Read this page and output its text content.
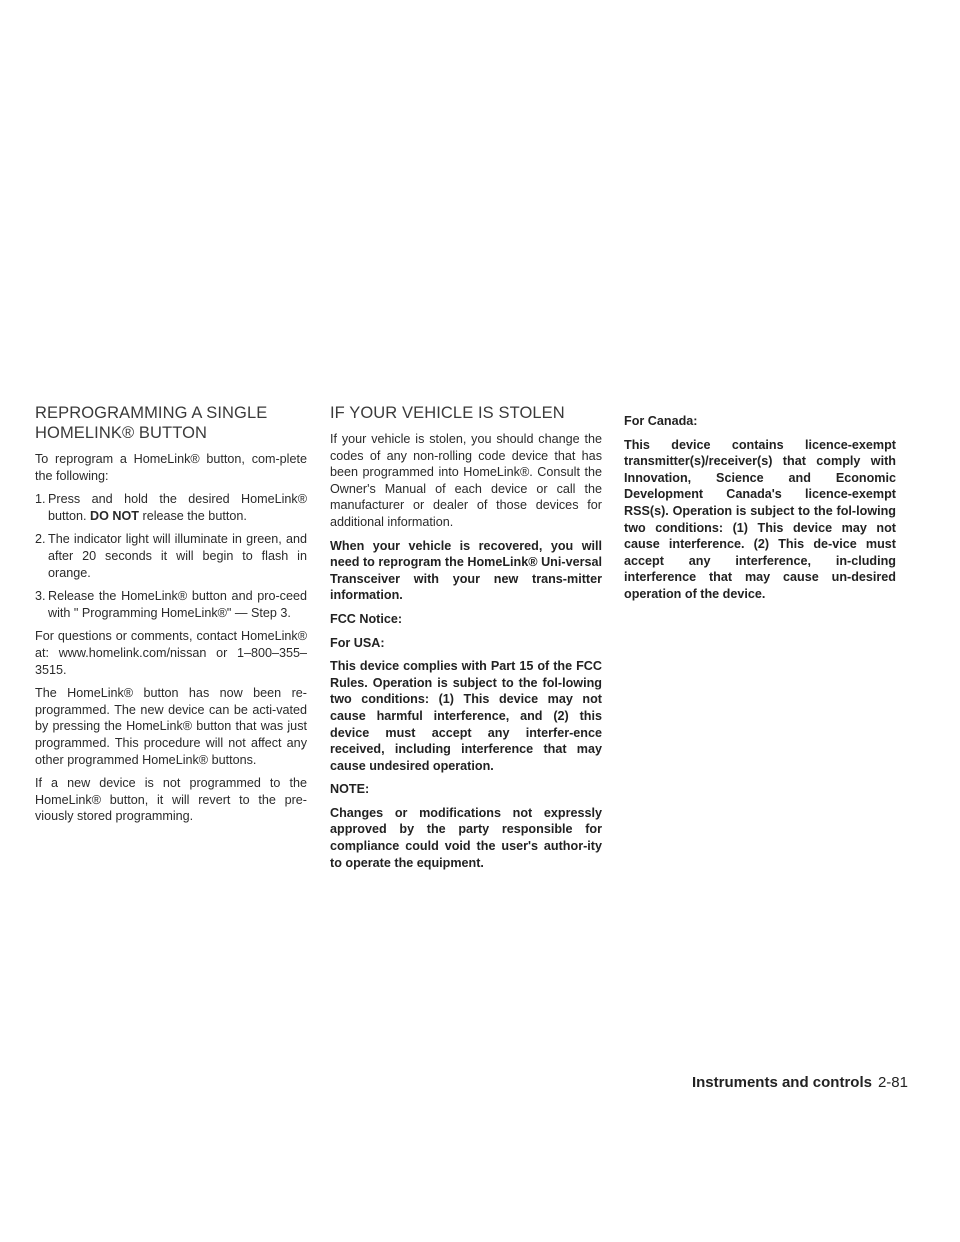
REPROGRAMMING A SINGLE
HOMELINK® BUTTON

To reprogram a HomeLink® button, com-plete the following:

1. Press and hold the desired HomeLink® button. DO NOT release the button.
2. The indicator light will illuminate in green, and after 20 seconds it will begin to flash in orange.
3. Release the HomeLink® button and pro-ceed with " Programming HomeLink®" — Step 3.

For questions or comments, contact HomeLink® at: www.homelink.com/nissan or 1–800–355–3515.

The HomeLink® button has now been re-programmed. The new device can be acti-vated by pressing the HomeLink® button that was just programmed. This procedure will not affect any other programmed HomeLink® buttons.

If a new device is not programmed to the HomeLink® button, it will revert to the pre-viously stored programming.

IF YOUR VEHICLE IS STOLEN

If your vehicle is stolen, you should change the codes of any non-rolling code device that has been programmed into HomeLink®. Consult the Owner's Manual of each device or call the manufacturer or dealer of those devices for additional information.

When your vehicle is recovered, you will need to reprogram the HomeLink® Uni-versal Transceiver with your new trans-mitter information.

FCC Notice:

For USA:

This device complies with Part 15 of the FCC Rules. Operation is subject to the fol-lowing two conditions: (1) This device may not cause harmful interference, and (2) this device must accept any interfer-ence received, including interference that may cause undesired operation.

NOTE:

Changes or modifications not expressly approved by the party responsible for compliance could void the user's author-ity to operate the equipment.

For Canada:

This device contains licence-exempt transmitter(s)/receiver(s) that comply with Innovation, Science and Economic Development Canada's licence-exempt RSS(s). Operation is subject to the fol-lowing two conditions: (1) This device may not cause interference. (2) This de-vice must accept any interference, in-cluding interference that may cause un-desired operation of the device.

Instruments and controls 2-81
